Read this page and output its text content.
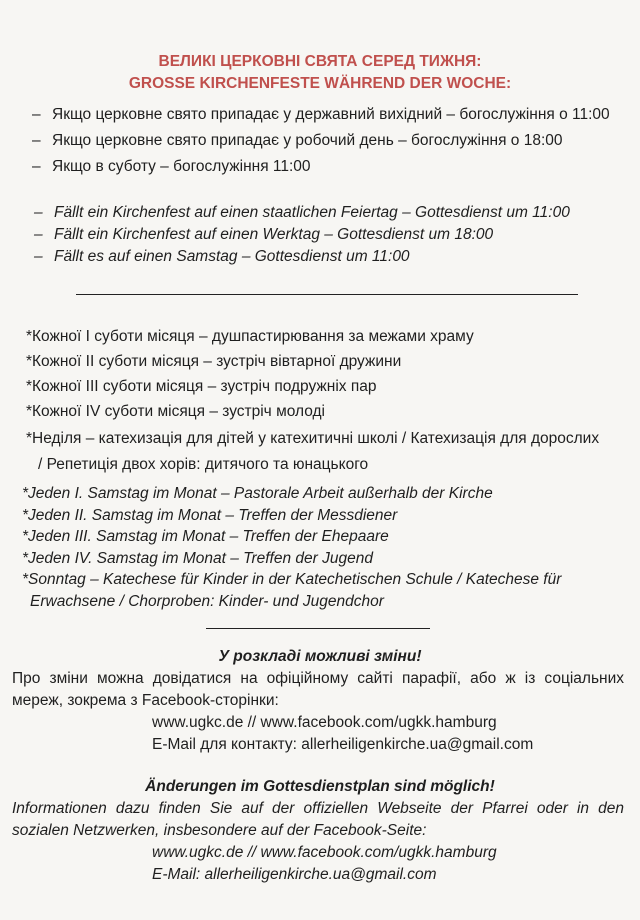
ВЕЛИКІ ЦЕРКОВНІ СВЯТА СЕРЕД ТИЖНЯ:
GROSSE KIRCHENFESTE WÄHREND DER WOCHE:
– Якщо церковне свято припадає у державний вихідний – богослужіння о 11:00
– Якщо церковне свято припадає у робочий день – богослужіння о 18:00
– Якщо в суботу – богослужіння 11:00
– Fällt ein Kirchenfest auf einen staatlichen Feiertag – Gottesdienst um 11:00
– Fällt ein Kirchenfest auf einen Werktag – Gottesdienst um 18:00
– Fällt es auf einen Samstag – Gottesdienst um 11:00
*Кожної I суботи місяця – душпастирювання за межами храму
*Кожної II суботи місяця – зустріч вівтарної дружини
*Кожної III суботи місяця – зустріч подружніх пар
*Кожної IV суботи місяця – зустріч молоді
*Неділя – катехизація для дітей у катехитичні школі / Катехизація для дорослих
/ Репетиція двох хорів: дитячого та юнацького
*Jeden I. Samstag im Monat – Pastorale Arbeit außerhalb der Kirche
*Jeden II. Samstag im Monat – Treffen der Messdiener
*Jeden III. Samstag im Monat – Treffen der Ehepaare
*Jeden IV. Samstag im Monat – Treffen der Jugend
*Sonntag – Katechese für Kinder in der Katechetischen Schule / Katechese für
Erwachsene / Chorproben: Kinder- und Jugendchor
У розкладі можливі зміни!
Про зміни можна довідатися на офіційному сайті парафії, або ж із соціальних мереж, зокрема з Facebook-сторінки:
www.ugkc.de // www.facebook.com/ugkk.hamburg
E-Mail для контакту: allerheiligenkirche.ua@gmail.com
Änderungen im Gottesdienstplan sind möglich!
Informationen dazu finden Sie auf der offiziellen Webseite der Pfarrei oder in den sozialen Netzwerken, insbesondere auf der Facebook-Seite:
www.ugkc.de // www.facebook.com/ugkk.hamburg
E-Mail: allerheiligenkirche.ua@gmail.com
